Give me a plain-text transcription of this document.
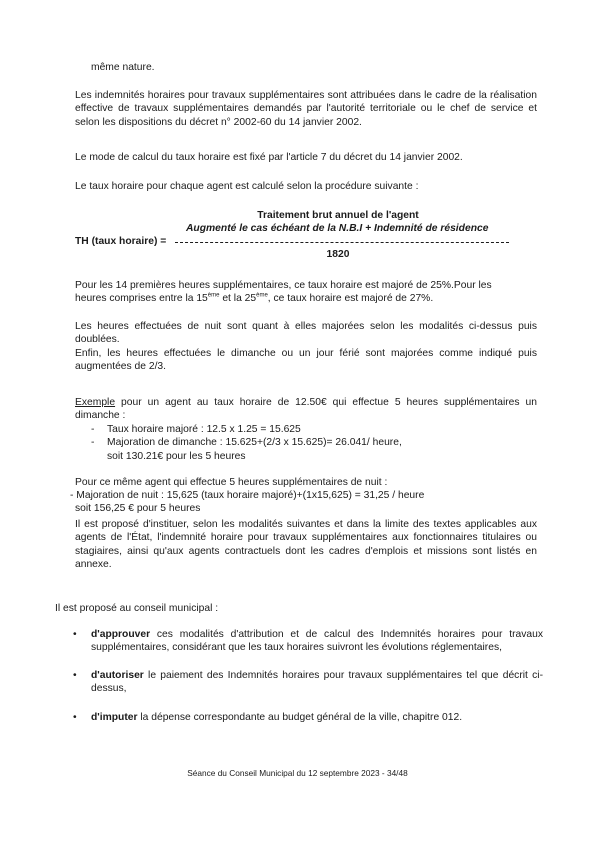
même nature.

Les indemnités horaires pour travaux supplémentaires sont attribuées dans le cadre de la réalisation effective de travaux supplémentaires demandés par l'autorité territoriale ou le chef de service et selon les dispositions du décret n° 2002-60 du 14 janvier 2002.

Le mode de calcul du taux horaire est fixé par l'article 7 du décret du 14 janvier 2002.

Le taux horaire pour chaque agent est calculé selon la procédure suivante :

Traitement brut annuel de l'agent

Augmenté le cas échéant de la N.B.I + Indemnité de résidence

TH (taux horaire) =

1820

Pour les 14 premières heures supplémentaires, ce taux horaire est majoré de 25%.Pour les
heures comprises entre la 15ème et la 25ème, ce taux horaire est majoré de 27%.
Les heures effectuées de nuit sont quant à elles majorées selon les modalités ci-dessus puis doublées.
Enfin, les heures effectuées le dimanche ou un jour férié sont majorées comme indiqué puis augmentées de 2/3.
Exemple pour un agent au taux horaire de 12.50€ qui effectue 5 heures supplémentaires un dimanche :
- Taux horaire majoré : 12.5 x 1.25 = 15.625
- Majoration de dimanche : 15.625+(2/3 x 15.625)= 26.041/ heure,
soit 130.21€ pour les 5 heures

Pour ce même agent qui effectue 5 heures supplémentaires de nuit :

- Majoration de nuit : 15,625 (taux horaire majoré)+(1x15,625) = 31,25 / heure

soit 156,25 € pour 5 heures

Il est proposé d'instituer, selon les modalités suivantes et dans la limite des textes applicables aux agents de l'État, l'indemnité horaire pour travaux supplémentaires aux fonctionnaires titulaires ou stagiaires, ainsi qu'aux agents contractuels dont les cadres d'emplois et missions sont listés en annexe.

Il est proposé au conseil municipal :

• d'approuver ces modalités d'attribution et de calcul des Indemnités horaires pour travaux supplémentaires, considérant que les taux horaires suivront les évolutions réglementaires,
• d'autoriser le paiement des Indemnités horaires pour travaux supplémentaires tel que décrit ci-dessus,
• d'imputer la dépense correspondante au budget général de la ville, chapitre 012.

Séance du Conseil Municipal du 12 septembre 2023 - 34/48
